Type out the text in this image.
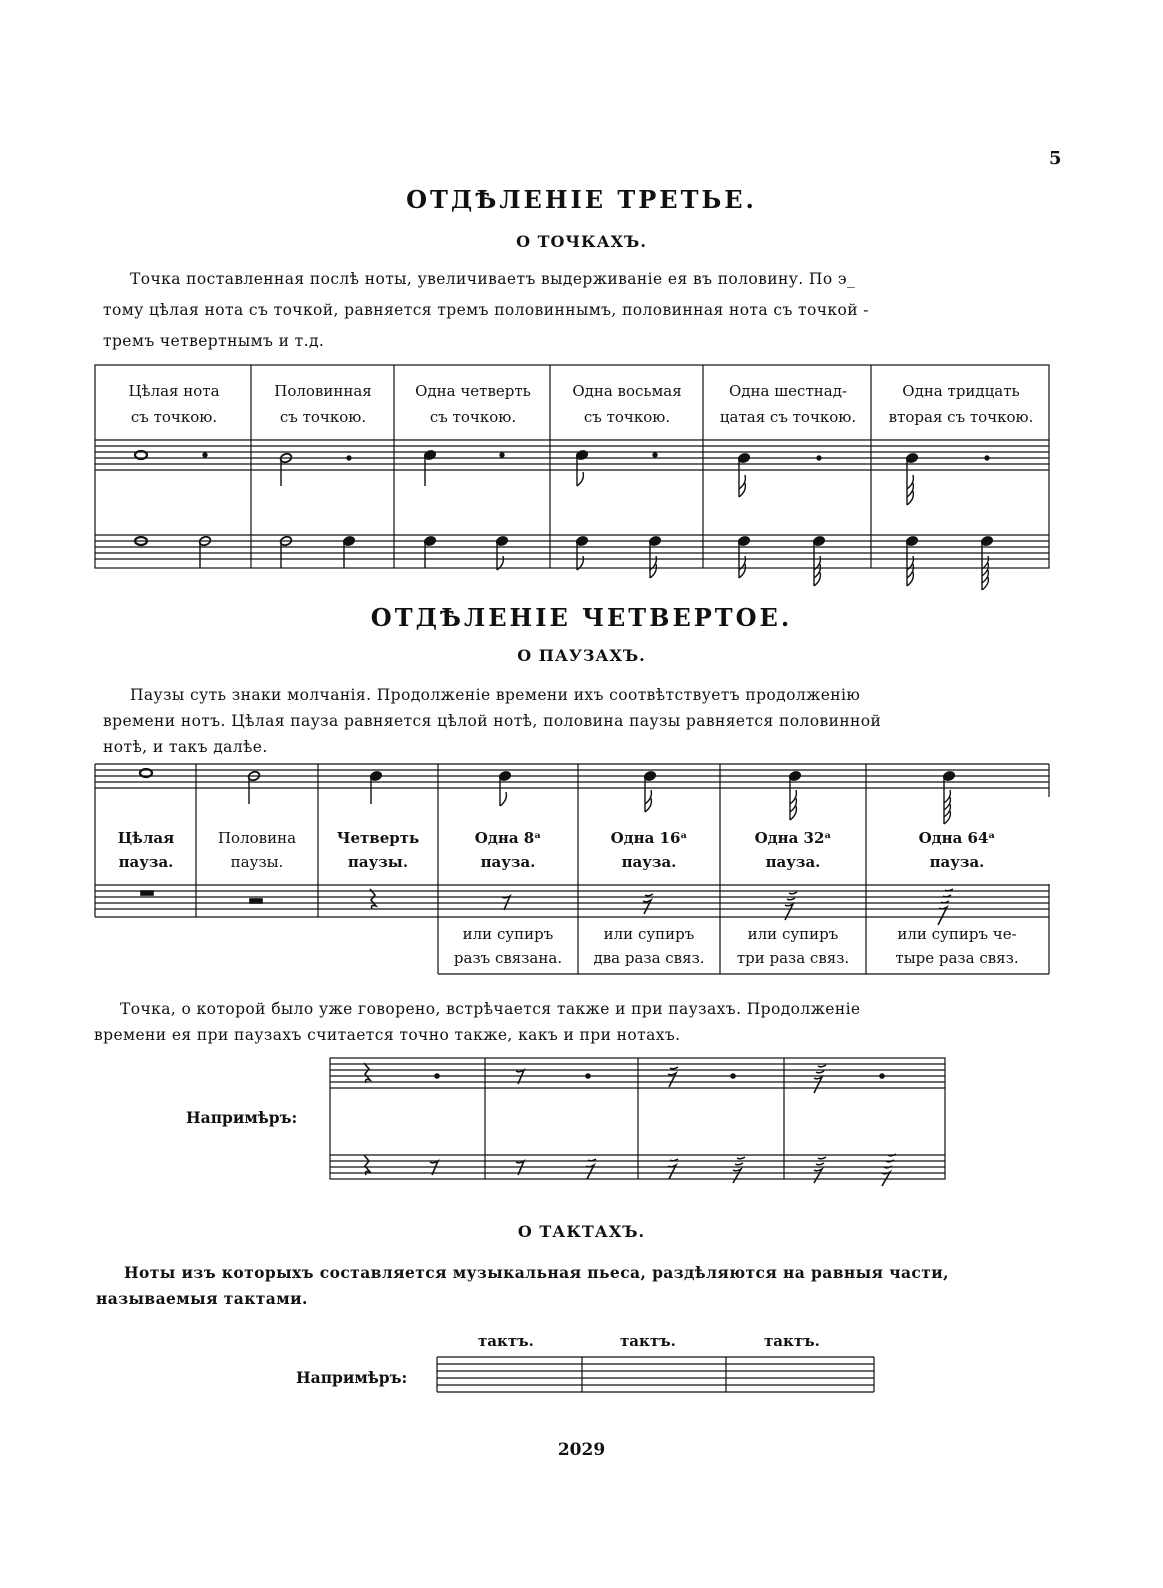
5
ОТДѢЛЕНІЕ ТРЕТЬЕ.
О ТОЧКАХЪ.
Точка поставленная послѣ ноты, увеличиваетъ выдерживаніе ея въ половину. По э_
тому цѣлая нота съ точкой, равняется тремъ половиннымъ, половинная нота съ точкой -
тремъ четвертнымъ и т.д.
Цѣлая нота
съ точкою.
Половинная
съ точкою.
Одна четверть
съ точкою.
Одна восьмая
съ точкою.
Одна шестнад-
цатая съ точкою.
Одна тридцать
вторая съ точкою.
ОТДѢЛЕНІЕ ЧЕТВЕРТОЕ.
О ПАУЗАХЪ.
Паузы суть знаки молчанія. Продолженіе времени ихъ соотвѣтствуетъ продолженію
времени нотъ. Цѣлая пауза равняется цѣлой нотѣ, половина паузы равняется половинной
нотѣ, и такъ далѣе.
Цѣлая
пауза.
Половина
паузы.
Четверть
паузы.
Одна 8ᵃ
пауза.
Одна 16ᵃ
пауза.
Одна 32ᵃ
пауза.
Одна 64ᵃ
пауза.
или супиръ
разъ связана.
или супиръ
два раза связ.
или супиръ
три раза связ.
или супиръ че-
тыре раза связ.
Точка, о которой было уже говорено, встрѣчается также и при паузахъ. Продолженіе
времени ея при паузахъ считается точно также, какъ и при нотахъ.
Напримѣръ:
О ТАКТАХЪ.
Ноты изъ которыхъ составляется музыкальная пьеса, раздѣляются на равныя части,
называемыя тактами.
тактъ.	тактъ.	тактъ.
Напримѣръ:
2029
